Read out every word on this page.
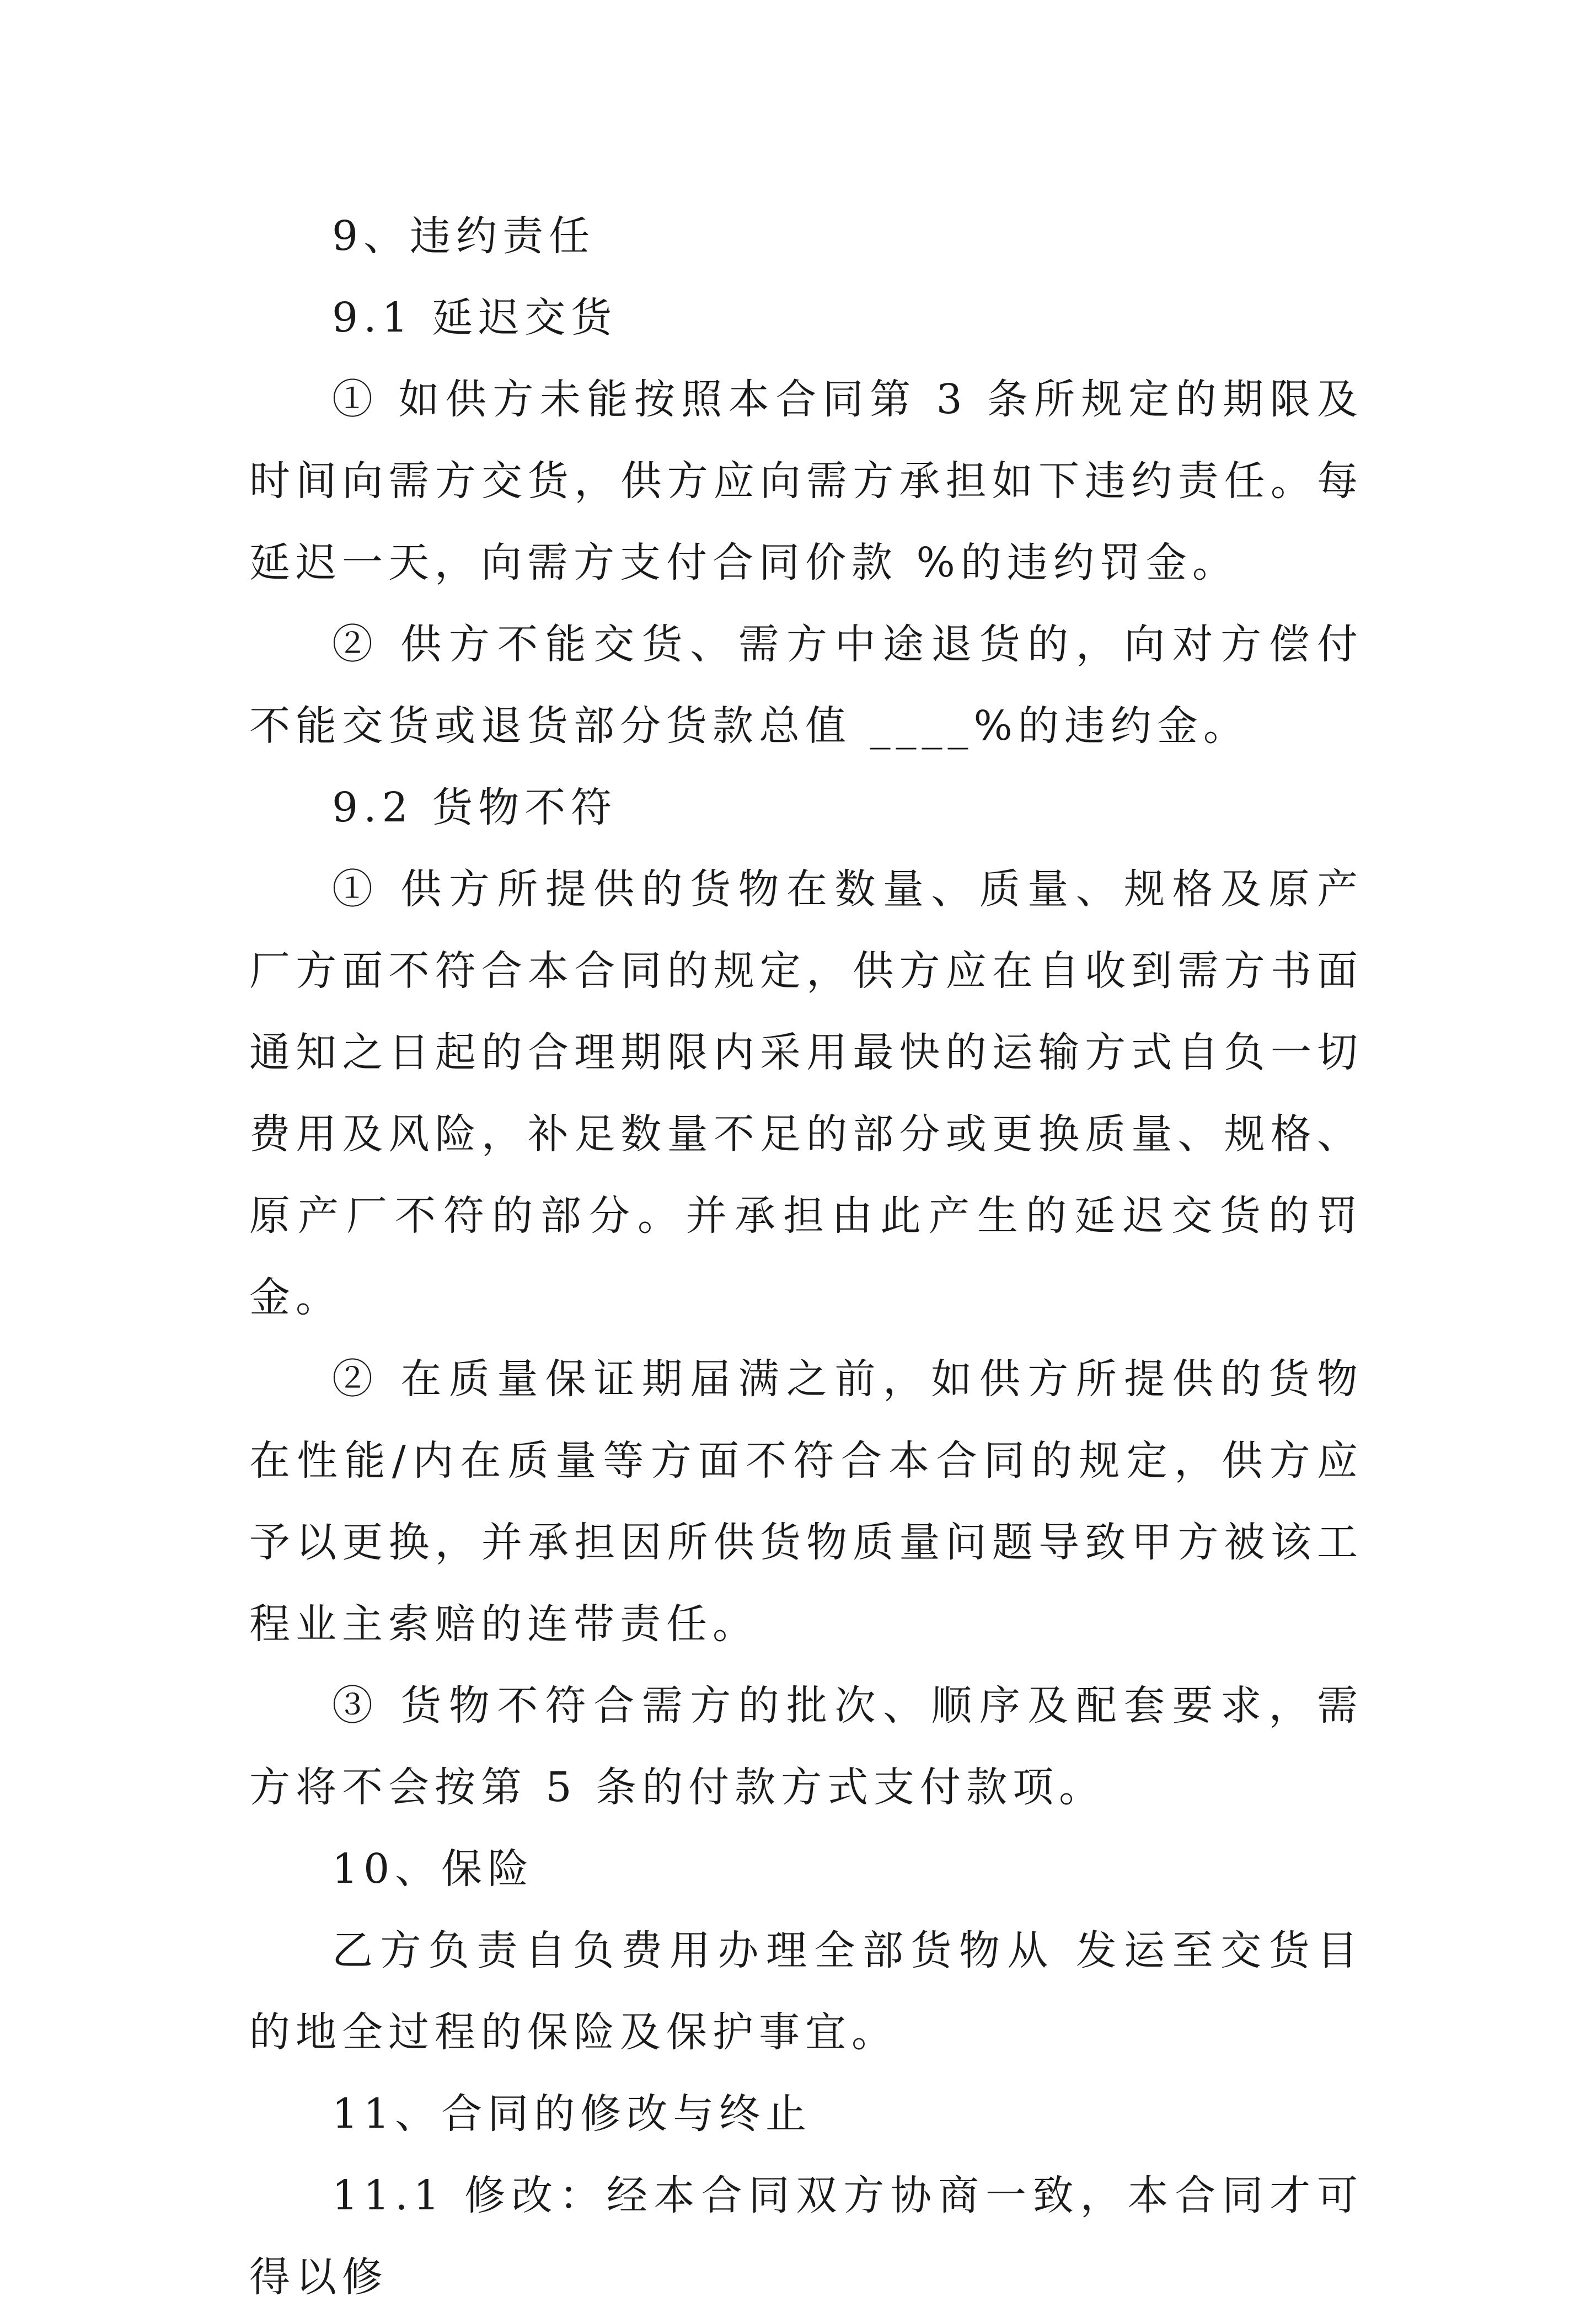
9、违约责任

9.1 延迟交货

① 如供方未能按照本合同第 3 条所规定的期限及时间向需方交货，供方应向需方承担如下违约责任。每延迟一天，向需方支付合同价款 %的违约罚金。

② 供方不能交货、需方中途退货的，向对方偿付不能交货或退货部分货款总值 ____%的违约金。

9.2 货物不符

① 供方所提供的货物在数量、质量、规格及原产厂方面不符合本合同的规定，供方应在自收到需方书面通知之日起的合理期限内采用最快的运输方式自负一切费用及风险，补足数量不足的部分或更换质量、规格、原产厂不符的部分。并承担由此产生的延迟交货的罚金。

② 在质量保证期届满之前，如供方所提供的货物在性能/内在质量等方面不符合本合同的规定，供方应予以更换，并承担因所供货物质量问题导致甲方被该工程业主索赔的连带责任。

③ 货物不符合需方的批次、顺序及配套要求，需方将不会按第 5 条的付款方式支付款项。

10、保险

乙方负责自负费用办理全部货物从 发运至交货目的地全过程的保险及保护事宜。

11、合同的修改与终止

11.1 修改：经本合同双方协商一致，本合同才可得以修
